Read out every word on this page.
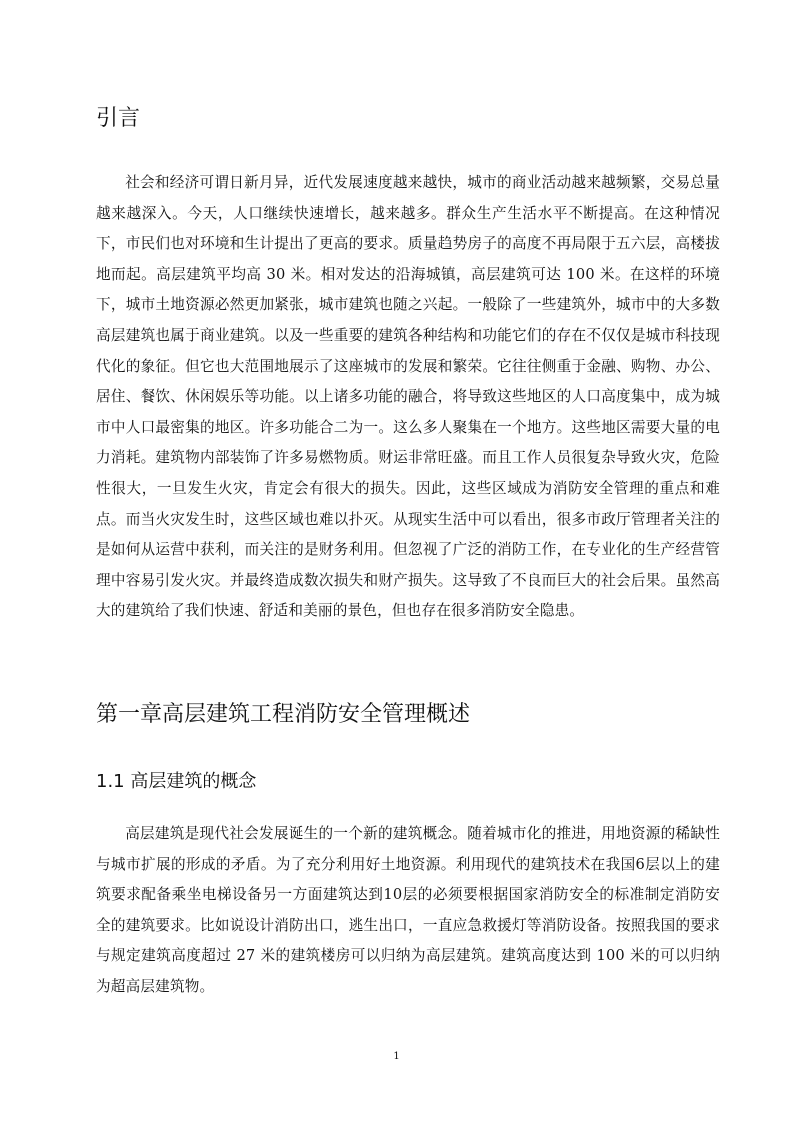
引言

社会和经济可谓日新月异，近代发展速度越来越快，城市的商业活动越来越频繁，交易总量越来越深入。今天，人口继续快速增长，越来越多。群众生产生活水平不断提高。在这种情况下，市民们也对环境和生计提出了更高的要求。质量趋势房子的高度不再局限于五六层，高楼拔地而起。高层建筑平均高 30 米。相对发达的沿海城镇，高层建筑可达 100 米。在这样的环境下，城市土地资源必然更加紧张，城市建筑也随之兴起。一般除了一些建筑外，城市中的大多数高层建筑也属于商业建筑。以及一些重要的建筑各种结构和功能它们的存在不仅仅是城市科技现代化的象征。但它也大范围地展示了这座城市的发展和繁荣。它往往侧重于金融、购物、办公、居住、餐饮、休闲娱乐等功能。以上诸多功能的融合，将导致这些地区的人口高度集中，成为城市中人口最密集的地区。许多功能合二为一。这么多人聚集在一个地方。这些地区需要大量的电力消耗。建筑物内部装饰了许多易燃物质。财运非常旺盛。而且工作人员很复杂导致火灾，危险性很大，一旦发生火灾，肯定会有很大的损失。因此，这些区域成为消防安全管理的重点和难点。而当火灾发生时，这些区域也难以扑灭。从现实生活中可以看出，很多市政厅管理者关注的是如何从运营中获利，而关注的是财务利用。但忽视了广泛的消防工作，在专业化的生产经营管理中容易引发火灾。并最终造成数次损失和财产损失。这导致了不良而巨大的社会后果。虽然高大的建筑给了我们快速、舒适和美丽的景色，但也存在很多消防安全隐患。

第一章高层建筑工程消防安全管理概述
1.1 高层建筑的概念

高层建筑是现代社会发展诞生的一个新的建筑概念。随着城市化的推进，用地资源的稀缺性与城市扩展的形成的矛盾。为了充分利用好土地资源。利用现代的建筑技术在我国6层以上的建筑要求配备乘坐电梯设备另一方面建筑达到10层的必须要根据国家消防安全的标准制定消防安全的建筑要求。比如说设计消防出口，逃生出口，一直应急救援灯等消防设备。按照我国的要求与规定建筑高度超过 27 米的建筑楼房可以归纳为高层建筑。建筑高度达到 100 米的可以归纳为超高层建筑物。

1
